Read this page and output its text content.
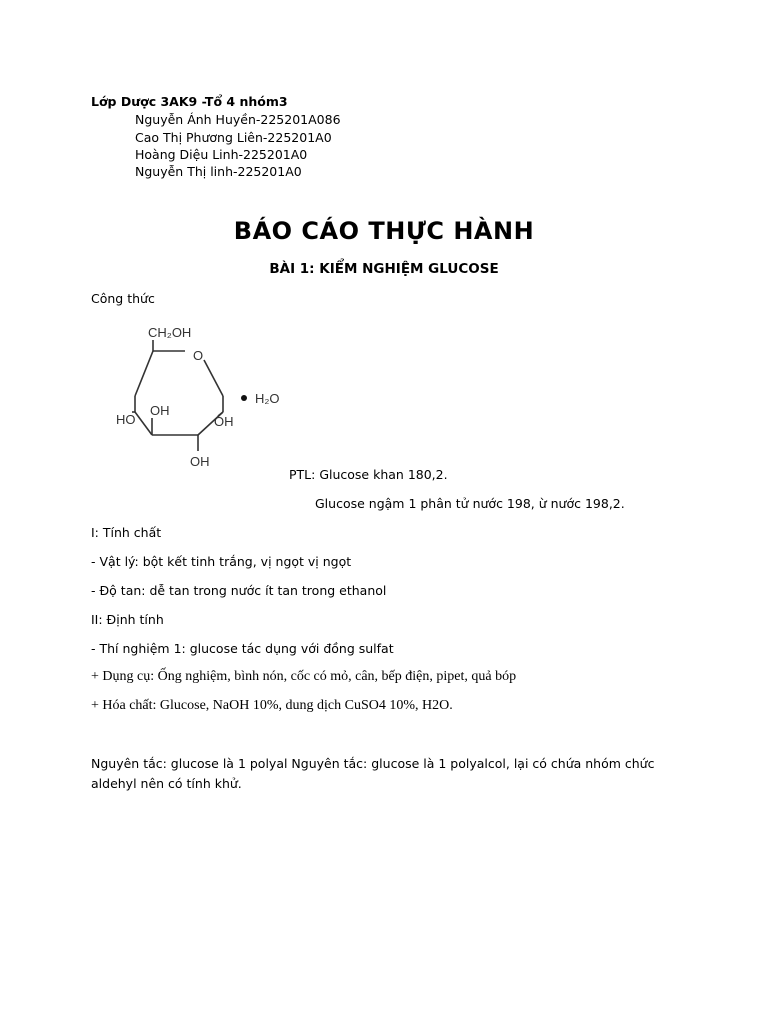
Lớp Dược 3AK9 -Tổ 4 nhóm3
Nguyễn Ánh Huyền-225201A086
Cao Thị Phương Liên-225201A0
Hoàng Diệu Linh-225201A0
Nguyễn Thị linh-225201A0
BÁO CÁO THỰC HÀNH
BÀI 1: KIỂM NGHIỆM GLUCOSE
Công thức
CH₂OH
O
HO
OH
OH
OH
H₂O
PTL: Glucose khan 180,2.
Glucose ngậm 1 phân tử nước 198, ừ nước 198,2.
I: Tính chất
- Vật lý: bột kết tinh trắng, vị ngọt vị ngọt
- Độ tan: dễ tan trong nước ít tan trong ethanol
II: Định tính
- Thí nghiệm 1: glucose tác dụng với đồng sulfat
+ Dụng cụ: Ống nghiệm, bình nón, cốc có mỏ, cân, bếp điện, pipet, quả bóp
+ Hóa chất: Glucose, NaOH 10%, dung dịch CuSO4 10%, H2O.
Nguyên tắc: glucose là 1 polyal Nguyên tắc: glucose là 1 polyalcol, lại có chứa nhóm chức aldehyl nên có tính khử.
